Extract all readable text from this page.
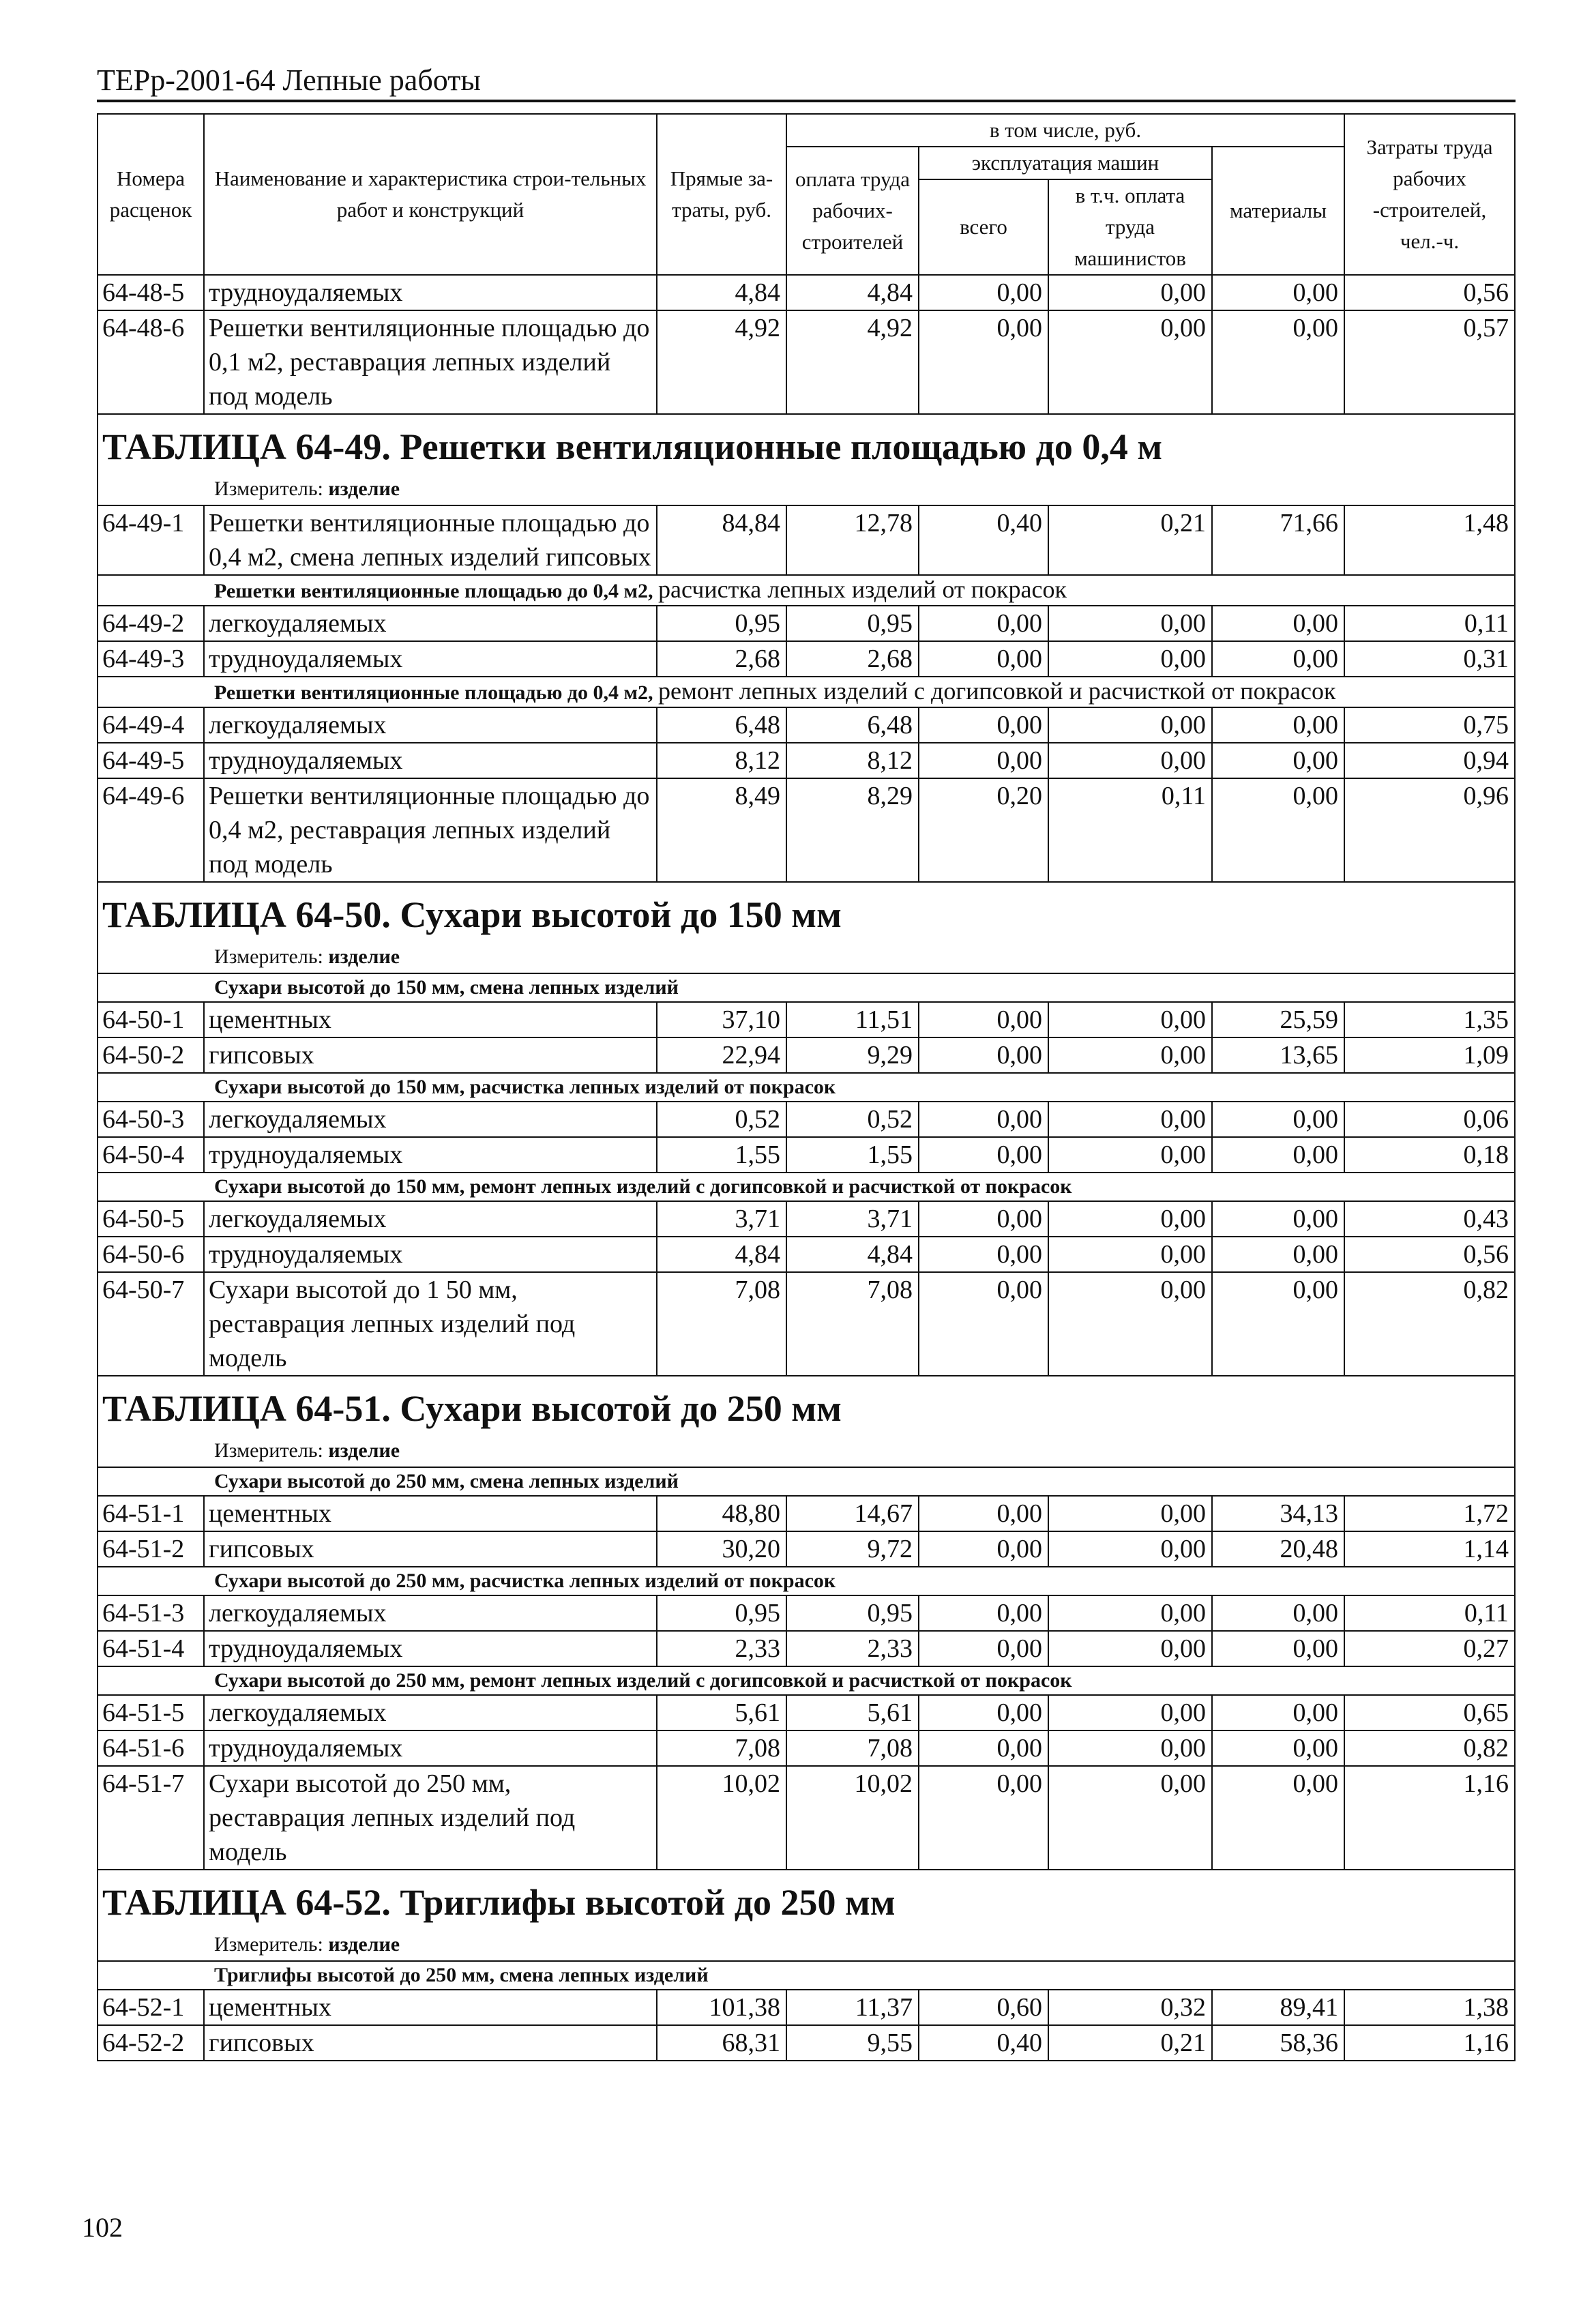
ТЕРр-2001-64 Лепные работы
Номера расценок	Наименование и характеристика строи-тельных работ и конструкций	Прямые за-траты, руб.	в том числе, руб.				Затраты труда рабочих -строителей, чел.-ч.
			оплата труда рабочих-строителей	эксплуатация машин		материалы	
				всего	в т.ч. оплата труда машинистов		
64-48-5	трудноудаляемых	4,84	4,84	0,00	0,00	0,00	0,56
64-48-6	Решетки вентиляционные площадью до 0,1 м2, реставрация лепных изделий под модель	4,92	4,92	0,00	0,00	0,00	0,57
ТАБЛИЦА 64-49. Решетки вентиляционные площадью до 0,4 м							
Измеритель: изделие							
64-49-1	Решетки вентиляционные площадью до 0,4 м2, смена лепных изделий гипсовых	84,84	12,78	0,40	0,21	71,66	1,48
Решетки вентиляционные площадью до 0,4 м2, расчистка лепных изделий от покрасок							
64-49-2	легкоудаляемых	0,95	0,95	0,00	0,00	0,00	0,11
64-49-3	трудноудаляемых	2,68	2,68	0,00	0,00	0,00	0,31
Решетки вентиляционные площадью до 0,4 м2, ремонт лепных изделий с догипсовкой и расчисткой от покрасок							
64-49-4	легкоудаляемых	6,48	6,48	0,00	0,00	0,00	0,75
64-49-5	трудноудаляемых	8,12	8,12	0,00	0,00	0,00	0,94
64-49-6	Решетки вентиляционные площадью до 0,4 м2, реставрация лепных изделий под модель	8,49	8,29	0,20	0,11	0,00	0,96
ТАБЛИЦА 64-50. Сухари высотой до 150 мм							
Измеритель: изделие							
Сухари высотой до 150 мм, смена лепных изделий							
64-50-1	цементных	37,10	11,51	0,00	0,00	25,59	1,35
64-50-2	гипсовых	22,94	9,29	0,00	0,00	13,65	1,09
Сухари высотой до 150 мм, расчистка лепных изделий от покрасок							
64-50-3	легкоудаляемых	0,52	0,52	0,00	0,00	0,00	0,06
64-50-4	трудноудаляемых	1,55	1,55	0,00	0,00	0,00	0,18
Сухари высотой до 150 мм, ремонт лепных изделий с догипсовкой и расчисткой от покрасок							
64-50-5	легкоудаляемых	3,71	3,71	0,00	0,00	0,00	0,43
64-50-6	трудноудаляемых	4,84	4,84	0,00	0,00	0,00	0,56
64-50-7	Сухари высотой до 1 50 мм, реставрация лепных изделий под модель	7,08	7,08	0,00	0,00	0,00	0,82
ТАБЛИЦА 64-51. Сухари высотой до 250 мм							
Измеритель: изделие							
Сухари высотой до 250 мм, смена лепных изделий							
64-51-1	цементных	48,80	14,67	0,00	0,00	34,13	1,72
64-51-2	гипсовых	30,20	9,72	0,00	0,00	20,48	1,14
Сухари высотой до 250 мм, расчистка лепных изделий от покрасок							
64-51-3	легкоудаляемых	0,95	0,95	0,00	0,00	0,00	0,11
64-51-4	трудноудаляемых	2,33	2,33	0,00	0,00	0,00	0,27
Сухари высотой до 250 мм, ремонт лепных изделий с догипсовкой и расчисткой от покрасок							
64-51-5	легкоудаляемых	5,61	5,61	0,00	0,00	0,00	0,65
64-51-6	трудноудаляемых	7,08	7,08	0,00	0,00	0,00	0,82
64-51-7	Сухари высотой до 250 мм, реставрация лепных изделий под модель	10,02	10,02	0,00	0,00	0,00	1,16
ТАБЛИЦА 64-52. Триглифы высотой до 250 мм							
Измеритель: изделие							
Триглифы высотой до 250 мм, смена лепных изделий							
64-52-1	цементных	101,38	11,37	0,60	0,32	89,41	1,38
64-52-2	гипсовых	68,31	9,55	0,40	0,21	58,36	1,16
102
